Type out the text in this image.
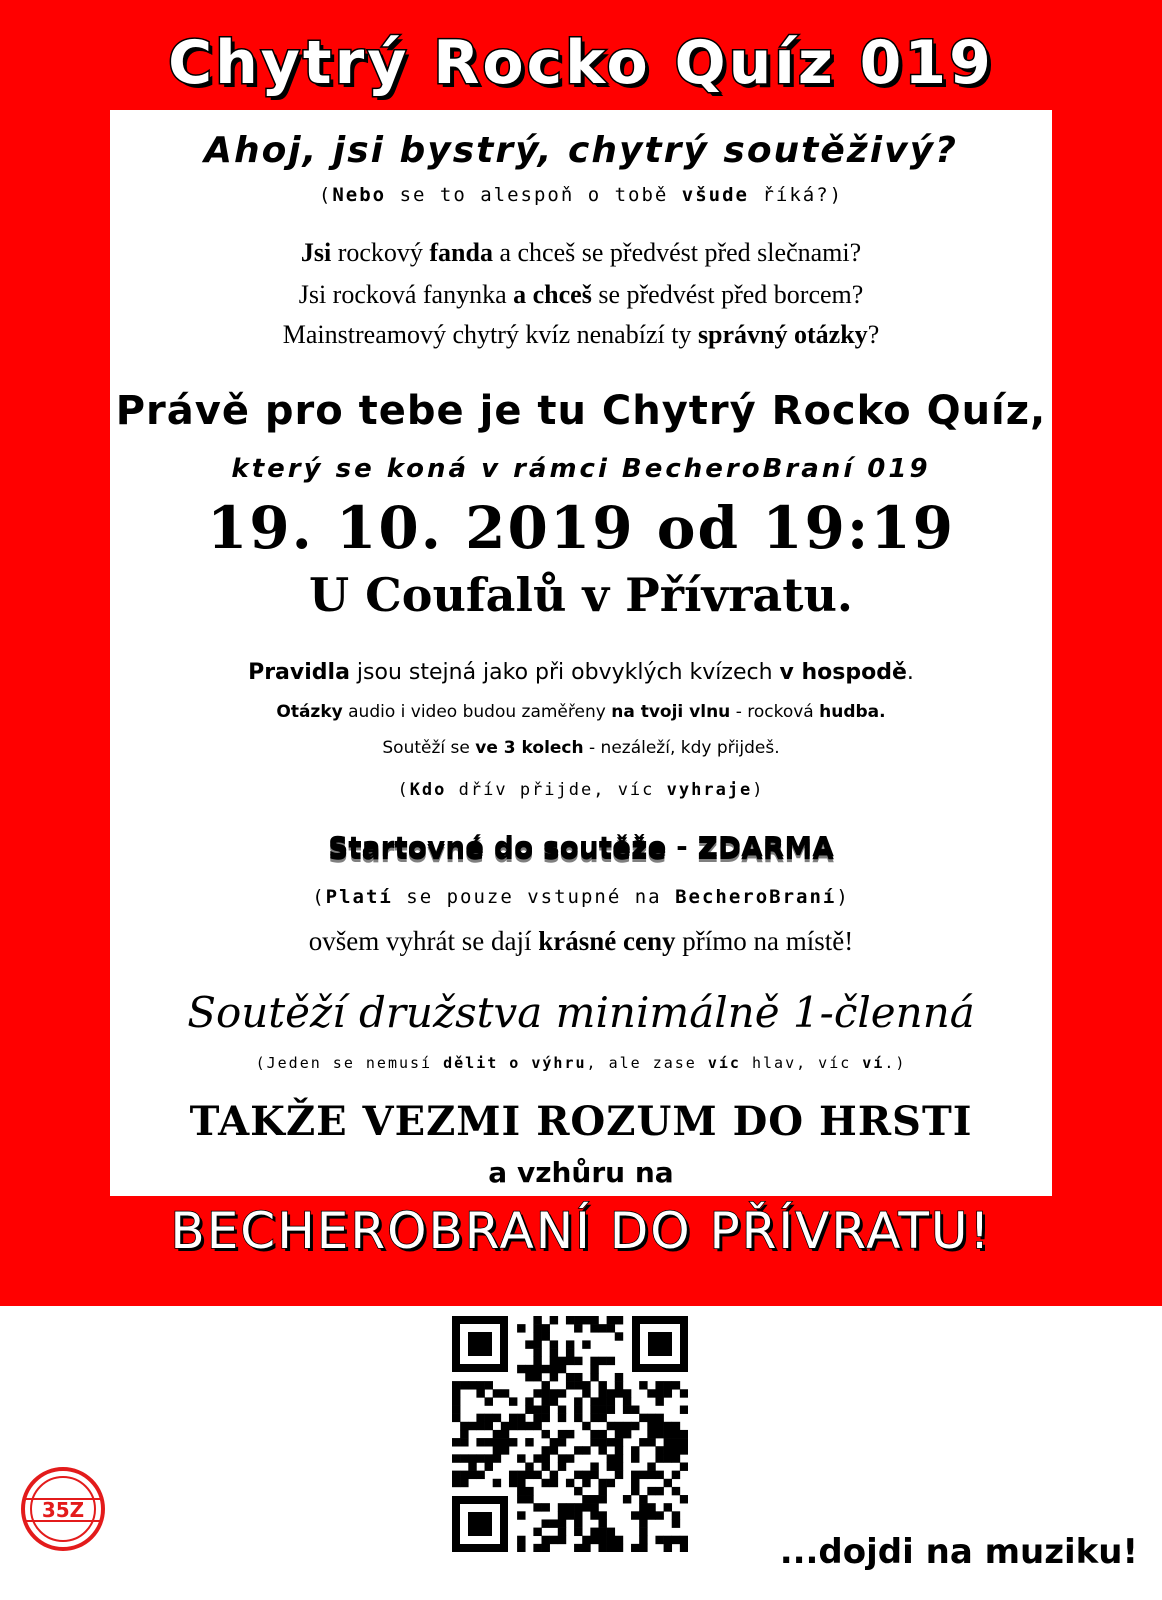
Chytrý Rocko Quíz 019
Ahoj, jsi bystrý, chytrý soutěživý?
(Nebo se to alespoň o tobě všude říká?)
Jsi rockový fanda a chceš se předvést před slečnami?
Jsi rocková fanynka a chceš se předvést před borcem?
Mainstreamový chytrý kvíz nenabízí ty správný otázky?
Právě pro tebe je tu Chytrý Rocko Quíz,
který se koná v rámci BecheroBraní 019
19. 10. 2019 od 19:19
U Coufalů v Přívratu.
Pravidla jsou stejná jako při obvyklých kvízech v hospodě.
Otázky audio i video budou zaměřeny na tvoji vlnu - rocková hudba.
Soutěží se ve 3 kolech - nezáleží, kdy přijdeš.
(Kdo dřív přijde, víc vyhraje)
Startovné do soutěže - ZDARMA
(Platí se pouze vstupné na BecheroBraní)
ovšem vyhrát se dají krásné ceny přímo na místě!
Soutěží družstva minimálně 1-členná
(Jeden se nemusí dělit o výhru, ale zase víc hlav, víc ví.)
TAKŽE VEZMI ROZUM DO HRSTI
a vzhůru na
BECHEROBRANÍ DO PŘÍVRATU!
35Z
...dojdi na muziku!
